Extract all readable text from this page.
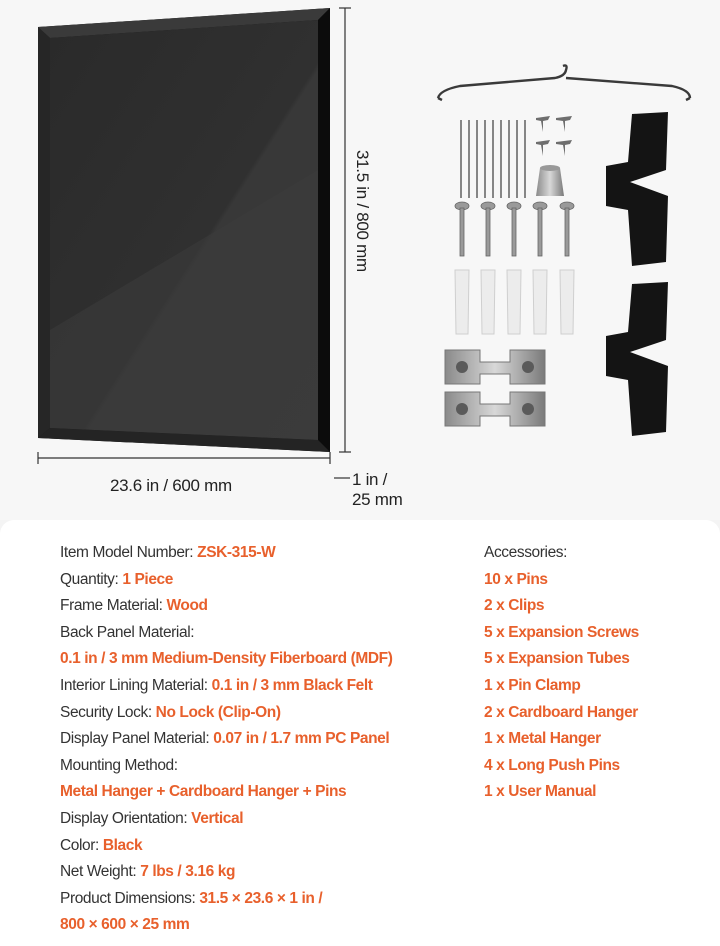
23.6 in / 600 mm
31.5 in / 800 mm
1 in /
25 mm
Item Model Number: ZSK-315-W
Quantity: 1 Piece
Frame Material: Wood
Back Panel Material:
0.1 in / 3 mm Medium-Density Fiberboard (MDF)
Interior Lining Material: 0.1 in / 3 mm Black Felt
Security Lock: No Lock (Clip-On)
Display Panel Material: 0.07 in / 1.7 mm PC Panel
Mounting Method:
Metal Hanger + Cardboard Hanger + Pins
Display Orientation: Vertical
Color: Black
Net Weight: 7 lbs / 3.16 kg
Product Dimensions: 31.5 × 23.6 × 1 in /
800 × 600 × 25 mm
Accessories:
10 x Pins
2 x Clips
5 x Expansion Screws
5 x Expansion Tubes
1 x Pin Clamp
2 x Cardboard Hanger
1 x Metal Hanger
4 x Long Push Pins
1 x User Manual
